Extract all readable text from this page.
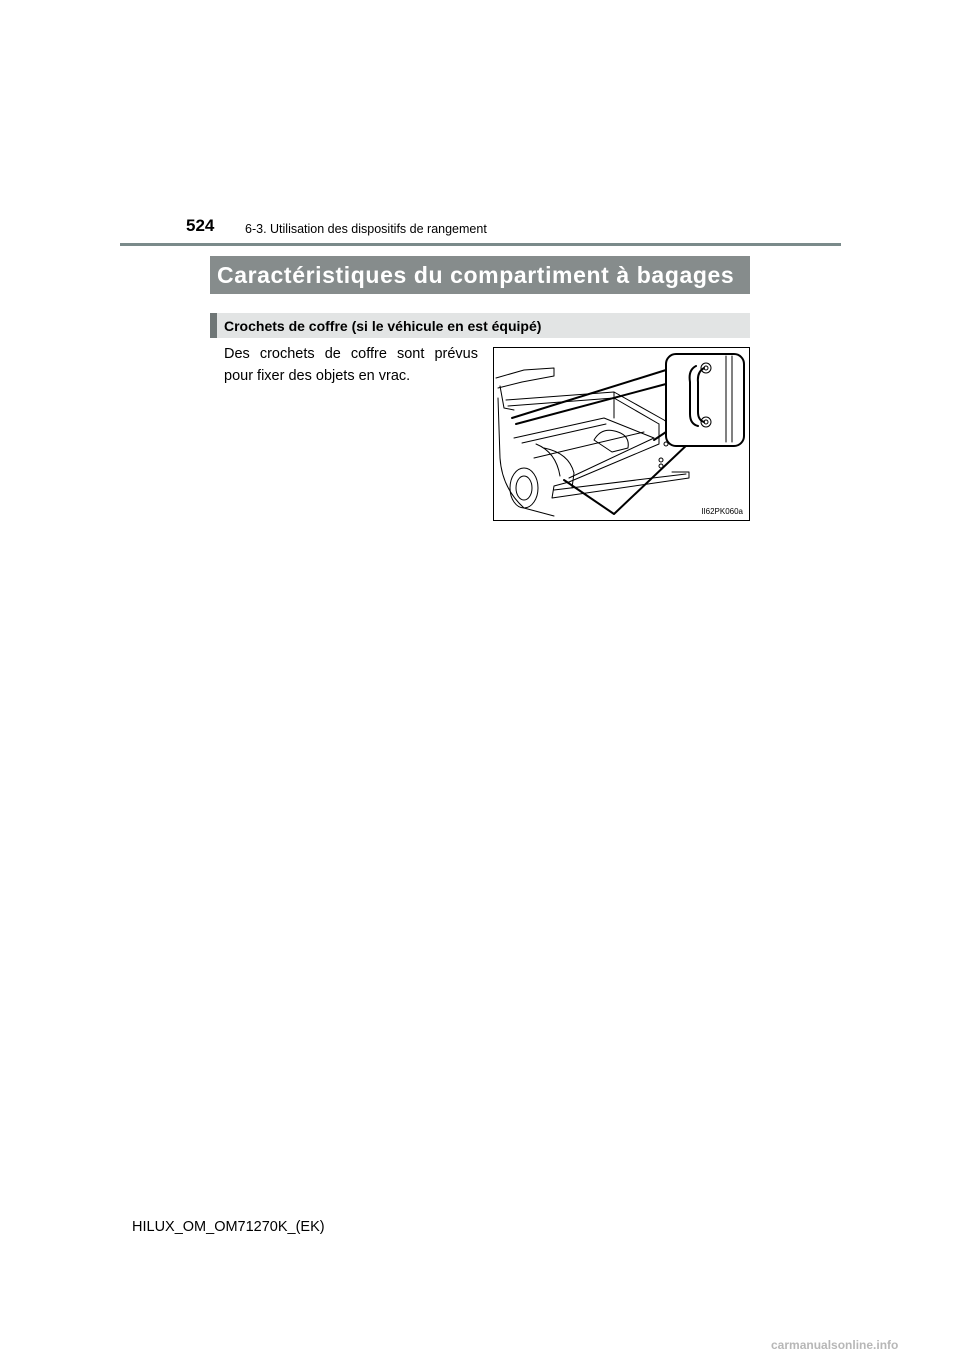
524 6-3. Utilisation des dispositifs de rangement
Caractéristiques du compartiment à bagages
Crochets de coffre (si le véhicule en est équipé)

Des crochets de coffre sont prévus pour fixer des objets en vrac.

II62PK060a
HILUX_OM_OM71270K_(EK)
carmanualsonline.info
